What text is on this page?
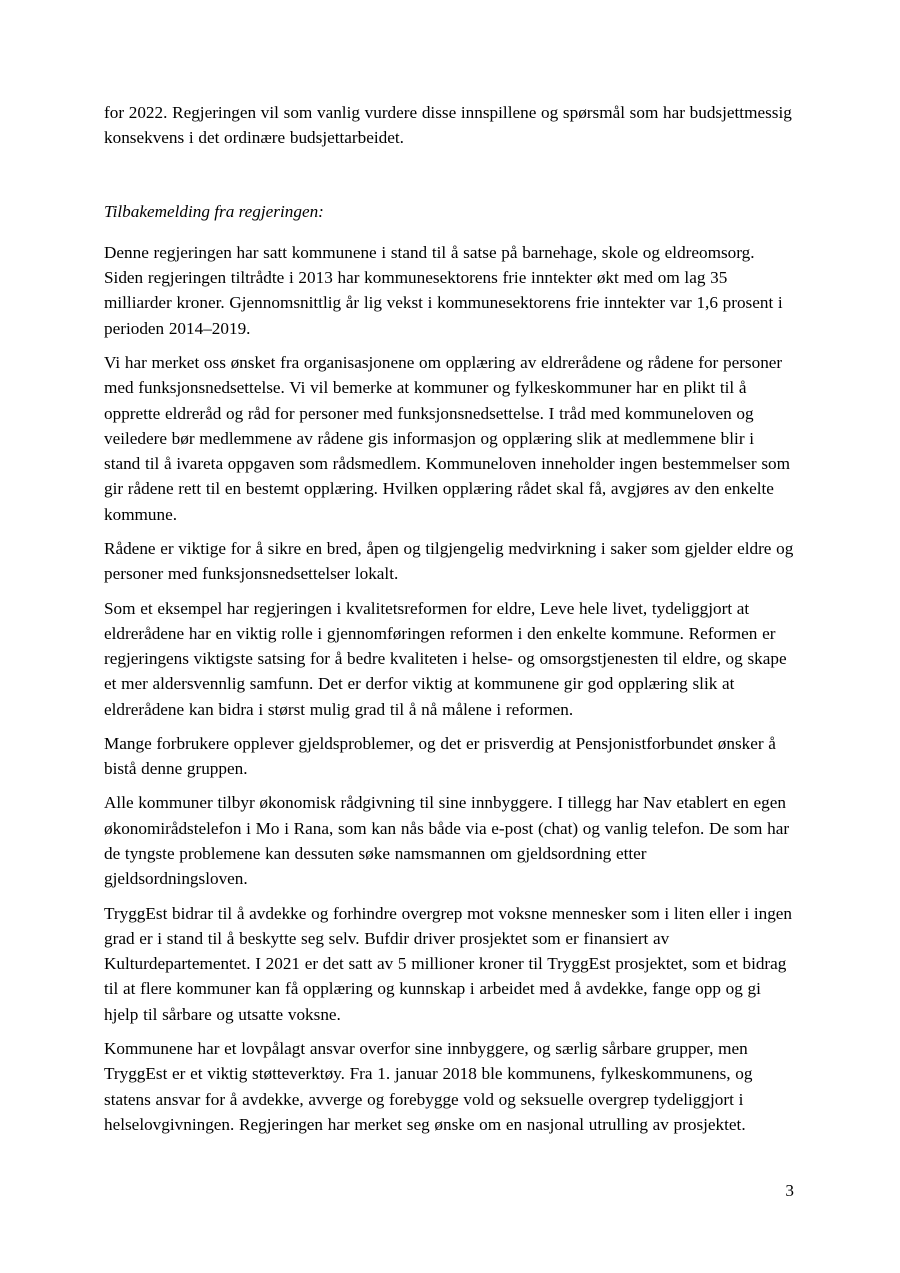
for 2022. Regjeringen vil som vanlig vurdere disse innspillene og spørsmål som har budsjettmessig konsekvens i det ordinære budsjettarbeidet.

Tilbakemelding fra regjeringen:

Denne regjeringen har satt kommunene i stand til å satse på barnehage, skole og eldreomsorg. Siden regjeringen tiltrådte i 2013 har kommunesektorens frie inntekter økt med om lag 35 milliarder kroner. Gjennomsnittlig år lig vekst i kommunesektorens frie inntekter var 1,6 prosent i perioden 2014–2019.

Vi har merket oss ønsket fra organisasjonene om opplæring av eldrerådene og rådene for personer med funksjonsnedsettelse. Vi vil bemerke at kommuner og fylkeskommuner har en plikt til å opprette eldreråd og råd for personer med funksjonsnedsettelse. I tråd med kommuneloven og veiledere bør medlemmene av rådene gis informasjon og opplæring slik at medlemmene blir i stand til å ivareta oppgaven som rådsmedlem. Kommuneloven inneholder ingen bestemmelser som gir rådene rett til en bestemt opplæring. Hvilken opplæring rådet skal få, avgjøres av den enkelte kommune.

Rådene er viktige for å sikre en bred, åpen og tilgjengelig medvirkning i saker som gjelder eldre og personer med funksjonsnedsettelser lokalt.

Som et eksempel har regjeringen i kvalitetsreformen for eldre, Leve hele livet, tydeliggjort at eldrerådene har en viktig rolle i gjennomføringen reformen i den enkelte kommune. Reformen er regjeringens viktigste satsing for å bedre kvaliteten i helse- og omsorgstjenesten til eldre, og skape et mer aldersvennlig samfunn. Det er derfor viktig at kommunene gir god opplæring slik at eldrerådene kan bidra i størst mulig grad til å nå målene i reformen.

Mange forbrukere opplever gjeldsproblemer, og det er prisverdig at Pensjonistforbundet ønsker å bistå denne gruppen.

Alle kommuner tilbyr økonomisk rådgivning til sine innbyggere. I tillegg har Nav etablert en egen økonomirådstelefon i Mo i Rana, som kan nås både via e-post (chat) og vanlig telefon. De som har de tyngste problemene kan dessuten søke namsmannen om gjeldsordning etter gjeldsordningsloven.

TryggEst bidrar til å avdekke og forhindre overgrep mot voksne mennesker som i liten eller i ingen grad er i stand til å beskytte seg selv. Bufdir driver prosjektet som er finansiert av Kulturdepartementet. I 2021 er det satt av 5 millioner kroner til TryggEst prosjektet, som et bidrag til at flere kommuner kan få opplæring og kunnskap i arbeidet med å avdekke, fange opp og gi hjelp til sårbare og utsatte voksne.

Kommunene har et lovpålagt ansvar overfor sine innbyggere, og særlig sårbare grupper, men TryggEst er et viktig støtteverktøy. Fra 1. januar 2018 ble kommunens, fylkeskommunens, og statens ansvar for å avdekke, avverge og forebygge vold og seksuelle overgrep tydeliggjort i helselovgivningen. Regjeringen har merket seg ønske om en nasjonal utrulling av prosjektet.

3
